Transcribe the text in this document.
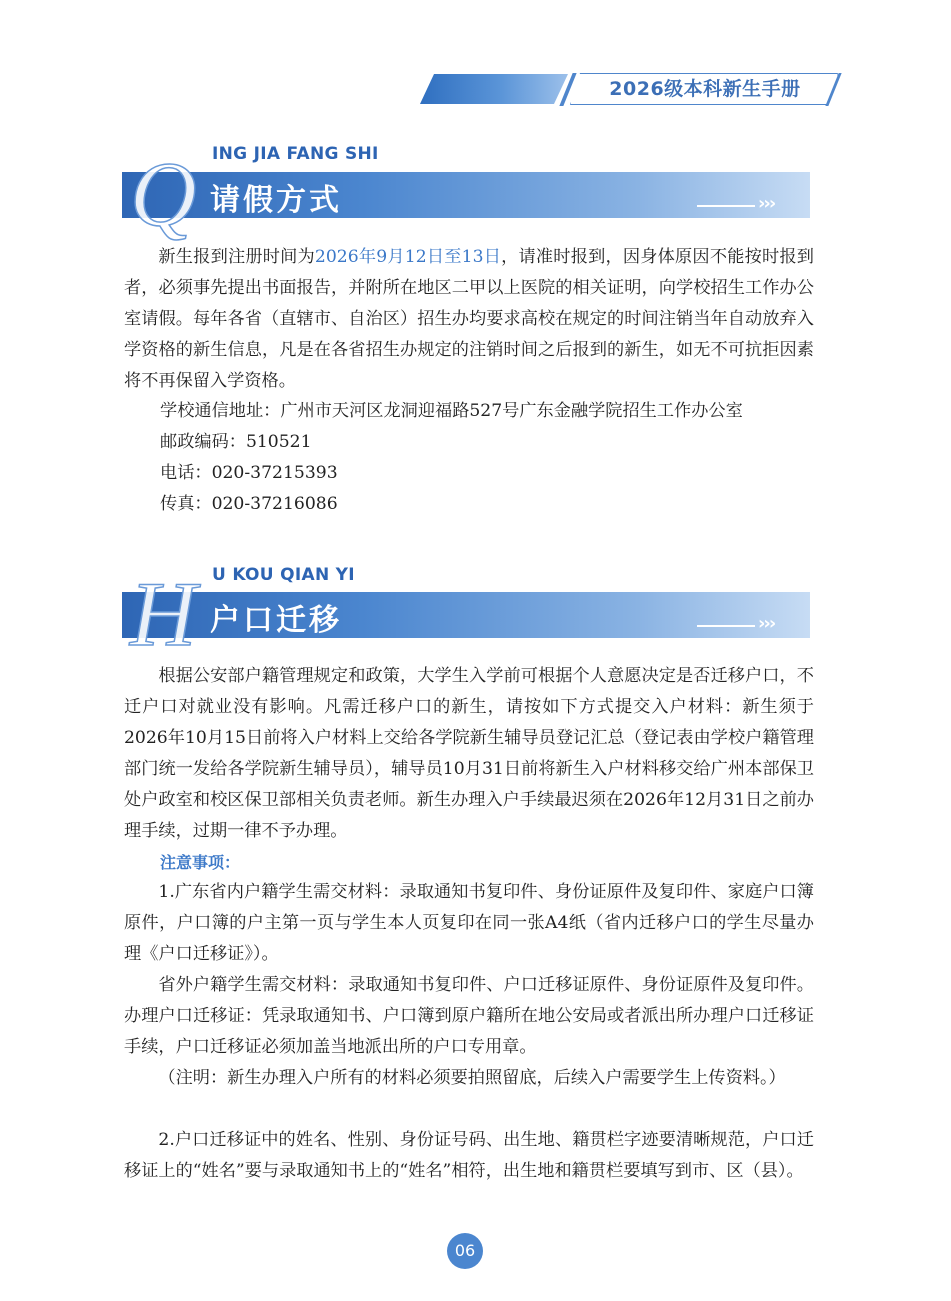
2026级本科新生手册
ING JIA FANG SHI
Q 请假方式	›››

新生报到注册时间为2026年9月12日至13日，请准时报到，因身体原因不能按时报到者，必须事先提出书面报告，并附所在地区二甲以上医院的相关证明，向学校招生工作办公室请假。每年各省（直辖市、自治区）招生办均要求高校在规定的时间注销当年自动放弃入学资格的新生信息，凡是在各省招生办规定的注销时间之后报到的新生，如无不可抗拒因素将不再保留入学资格。

学校通信地址：广州市天河区龙洞迎福路527号广东金融学院招生工作办公室

邮政编码：510521

电话：020-37215393

传真：020-37216086

U KOU QIAN YI
H 户口迁移	›››

根据公安部户籍管理规定和政策，大学生入学前可根据个人意愿决定是否迁移户口，不迁户口对就业没有影响。凡需迁移户口的新生，请按如下方式提交入户材料：新生须于2026年10月15日前将入户材料上交给各学院新生辅导员登记汇总（登记表由学校户籍管理部门统一发给各学院新生辅导员），辅导员10月31日前将新生入户材料移交给广州本部保卫处户政室和校区保卫部相关负责老师。新生办理入户手续最迟须在2026年12月31日之前办理手续，过期一律不予办理。

注意事项：

1.广东省内户籍学生需交材料：录取通知书复印件、身份证原件及复印件、家庭户口簿原件，户口簿的户主第一页与学生本人页复印在同一张A4纸（省内迁移户口的学生尽量办理《户口迁移证》）。

省外户籍学生需交材料：录取通知书复印件、户口迁移证原件、身份证原件及复印件。办理户口迁移证：凭录取通知书、户口簿到原户籍所在地公安局或者派出所办理户口迁移证手续，户口迁移证必须加盖当地派出所的户口专用章。

（注明：新生办理入户所有的材料必须要拍照留底，后续入户需要学生上传资料。）

2.户口迁移证中的姓名、性别、身份证号码、出生地、籍贯栏字迹要清晰规范，户口迁移证上的“姓名”要与录取通知书上的“姓名”相符，出生地和籍贯栏要填写到市、区（县）。

06
